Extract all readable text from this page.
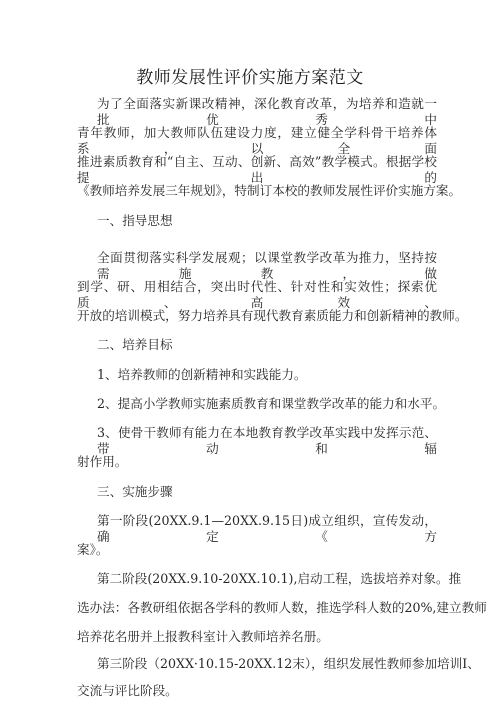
教师发展性评价实施方案范文
为了全面落实新课改精神，深化教育改革，为培养和造就一批优秀中
青年教师，加大教师队伍建设力度，建立健全学科骨干培养体系，以全面
推进素质教育和“自主、互动、创新、高效”教学模式。根据学校提出的
《教师培养发展三年规划》，特制订本校的教师发展性评价实施方案。
一、指导思想
全面贯彻落实科学发展观；以课堂教学改革为推力，坚持按需施教，做
到学、研、用相结合，突出时代性、针对性和实效性；探索优质、高效、
开放的培训模式，努力培养具有现代教育素质能力和创新精神的教师。
二、培养目标
1、培养教师的创新精神和实践能力。
2、提高小学教师实施素质教育和课堂教学改革的能力和水平。
3、使骨干教师有能力在本地教育教学改革实践中发挥示范、带动和辐
射作用。
三、实施步骤
第一阶段(20XX.9.1—20XX.9.15日)成立组织，宣传发动，确定《方
案》。
第二阶段(20XX.9.10-20XX.10.1),启动工程，选拔培养对象。推
选办法：各教研组依据各学科的教师人数，推选学科人数的20%,建立教师
培养花名册并上报教科室计入教师培养名册。
第三阶段（20XX·10.15-20XX.12末），组织发展性教师参加培训I、
交流与评比阶段。
